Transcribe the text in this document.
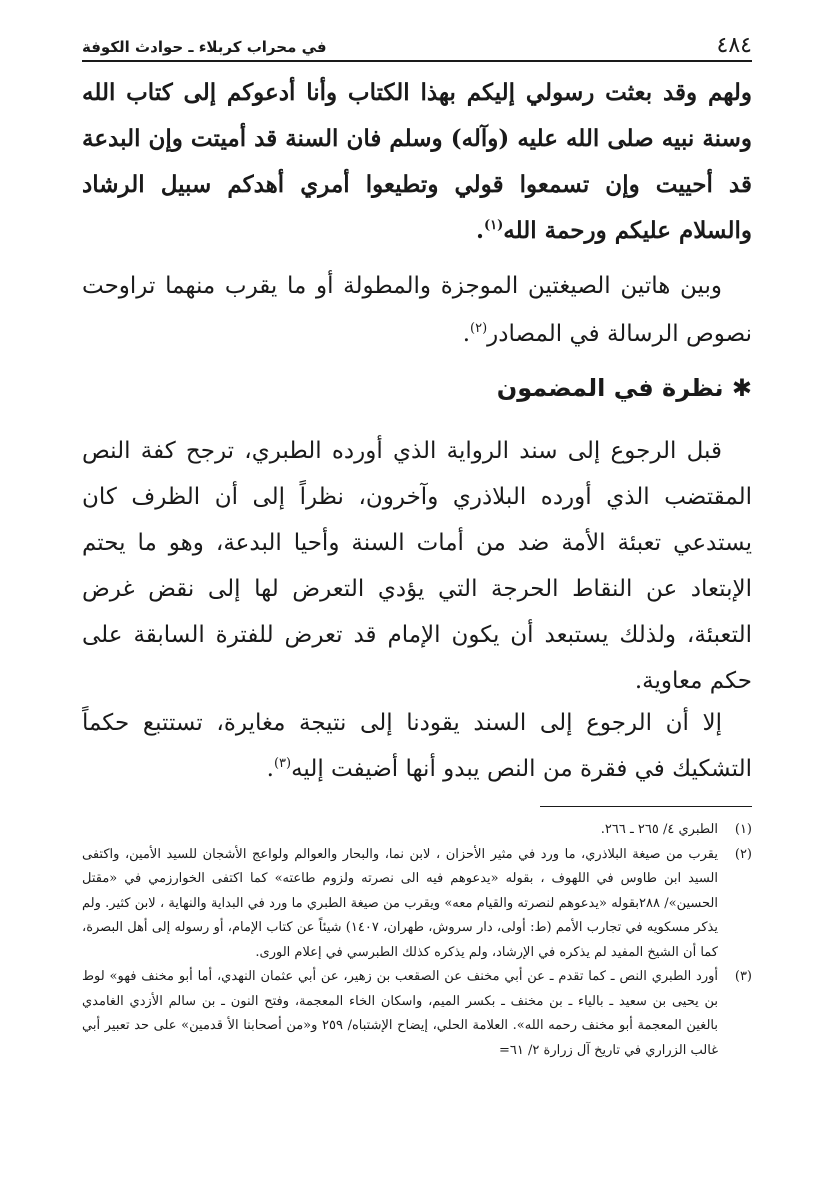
٤٨٤
في محراب كربلاء ـ حوادث الكوفة

ولهم وقد بعثت رسولي إليكم بهذا الكتاب وأنا أدعوكم إلى كتاب الله وسنة نبيه صلى الله عليه (وآله) وسلم فان السنة قد أميتت وإن البدعة قد أحييت وإن تسمعوا قولي وتطيعوا أمري أهدكم سبيل الرشاد والسلام عليكم ورحمة الله$^{(١)}$.

وبين هاتين الصيغتين الموجزة والمطولة أو ما يقرب منهما تراوحت نصوص الرسالة في المصادر$^{(٢)}$.

✱ نظرة في المضمون

قبل الرجوع إلى سند الرواية الذي أورده الطبري، ترجح كفة النص المقتضب الذي أورده البلاذري وآخرون، نظراً إلى أن الظرف كان يستدعي تعبئة الأمة ضد من أمات السنة وأحيا البدعة، وهو ما يحتم الإبتعاد عن النقاط الحرجة التي يؤدي التعرض لها إلى نقض غرض التعبئة، ولذلك يستبعد أن يكون الإمام قد تعرض للفترة السابقة على حكم معاوية.

إلا أن الرجوع إلى السند يقودنا إلى نتيجة مغايرة، تستتبع حكماً التشكيك في فقرة من النص يبدو أنها أضيفت إليه$^{(٣)}$.

(١)
الطبري ٤/ ٢٦٥ ـ ٢٦٦.
(٢)
يقرب من صيغة البلاذري، ما ورد في مثير الأحزان ، لابن نما، والبحار والعوالم ولواعج الأشجان للسيد الأمين، واكتفى السيد ابن طاوس في اللهوف ، بقوله «يدعوهم فيه الى نصرته ولزوم طاعته» كما اكتفى الخوارزمي في «مقتل الحسين»/ ٢٨٨بقوله «يدعوهم لنصرته والقيام معه» ويقرب من صيغة الطبري ما ورد في البداية والنهاية ، لابن كثير. ولم يذكر مسكويه في تجارب الأمم (ط: أولى، دار سروش، طهران، ١٤٠٧) شيئاً عن كتاب الإمام، أو رسوله إلى أهل البصرة، كما أن الشيخ المفيد لم يذكره في الإرشاد، ولم يذكره كذلك الطبرسي في إعلام الورى.
(٣)
أورد الطبري النص ـ كما تقدم ـ عن أبي مخنف عن الصقعب بن زهير، عن أبي عثمان النهدي، أما أبو مخنف فهو» لوط بن يحيى بن سعيد ـ بالياء ـ بن مخنف ـ بكسر الميم، واسكان الخاء المعجمة، وفتح النون ـ بن سالم الأزدي الغامدي بالغين المعجمة أبو مخنف رحمه الله». العلامة الحلي، إيضاح الإشتباه/ ٢٥٩ و«من أصحابنا الأ قدمين» على حد تعبير أبي غالب الزراري في تاريخ آل زرارة ٢/ ٦١=
